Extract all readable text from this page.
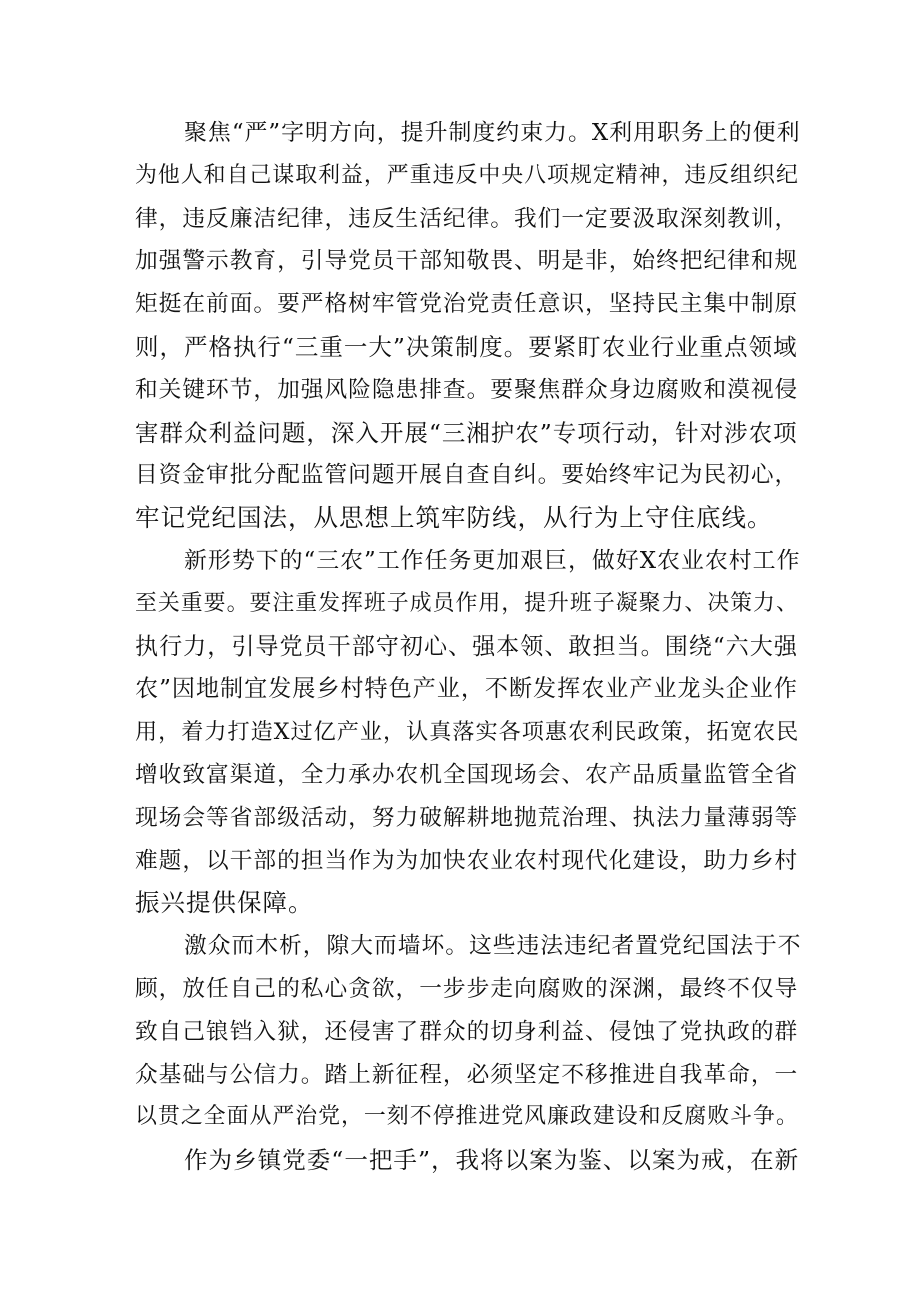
聚焦“严”字明方向，提升制度约束力。X利用职务上的便利
为他人和自己谋取利益，严重违反中央八项规定精神，违反组织纪
律，违反廉洁纪律，违反生活纪律。我们一定要汲取深刻教训，
加强警示教育，引导党员干部知敬畏、明是非，始终把纪律和规
矩挺在前面。要严格树牢管党治党责任意识，坚持民主集中制原
则，严格执行“三重一大”决策制度。要紧盯农业行业重点领域
和关键环节，加强风险隐患排查。要聚焦群众身边腐败和漠视侵
害群众利益问题，深入开展“三湘护农”专项行动，针对涉农项
目资金审批分配监管问题开展自查自纠。要始终牢记为民初心，
牢记党纪国法，从思想上筑牢防线，从行为上守住底线。
新形势下的“三农”工作任务更加艰巨，做好X农业农村工作
至关重要。要注重发挥班子成员作用，提升班子凝聚力、决策力、
执行力，引导党员干部守初心、强本领、敢担当。围绕“六大强
农”因地制宜发展乡村特色产业，不断发挥农业产业龙头企业作
用，着力打造X过亿产业，认真落实各项惠农利民政策，拓宽农民
增收致富渠道，全力承办农机全国现场会、农产品质量监管全省
现场会等省部级活动，努力破解耕地抛荒治理、执法力量薄弱等
难题，以干部的担当作为为加快农业农村现代化建设，助力乡村
振兴提供保障。
激众而木析，隙大而墙坏。这些违法违纪者置党纪国法于不
顾，放任自己的私心贪欲，一步步走向腐败的深渊，最终不仅导
致自己锒铛入狱，还侵害了群众的切身利益、侵蚀了党执政的群
众基础与公信力。踏上新征程，必须坚定不移推进自我革命，一
以贯之全面从严治党，一刻不停推进党风廉政建设和反腐败斗争。
作为乡镇党委“一把手”，我将以案为鉴、以案为戒，在新
